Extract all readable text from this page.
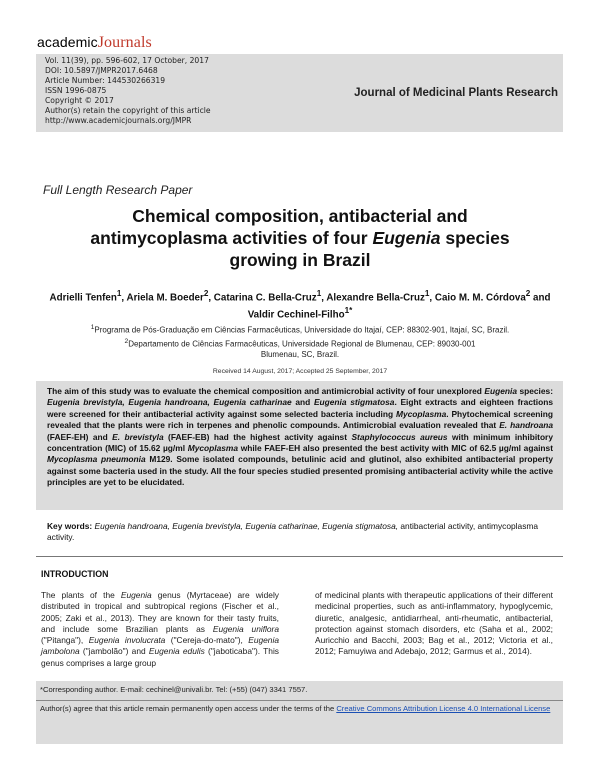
academicJournals
Vol. 11(39), pp. 596-602, 17 October, 2017
DOI: 10.5897/JMPR2017.6468
Article Number: 144530266319
ISSN 1996-0875
Copyright © 2017
Author(s) retain the copyright of this article
http://www.academicjournals.org/JMPR
Journal of Medicinal Plants Research
Full Length Research Paper
Chemical composition, antibacterial and
antimycoplasma activities of four Eugenia species
growing in Brazil
Adrielli Tenfen$^1$, Ariela M. Boeder$^2$, Catarina C. Bella-Cruz$^1$, Alexandre Bella-Cruz$^1$, Caio M. M. Córdova$^2$ and Valdir Cechinel-Filho$^{1*}$
$^1$Programa de Pós-Graduação em Ciências Farmacêuticas, Universidade do Itajaí, CEP: 88302-901, Itajaí, SC, Brazil.
$^2$Departamento de Ciências Farmacêuticas, Universidade Regional de Blumenau, CEP: 89030-001
Blumenau, SC, Brazil.
Received 14 August, 2017; Accepted 25 September, 2017
The aim of this study was to evaluate the chemical composition and antimicrobial activity of four unexplored Eugenia species: Eugenia brevistyla, Eugenia handroana, Eugenia catharinae and Eugenia stigmatosa. Eight extracts and eighteen fractions were screened for their antibacterial activity against some selected bacteria including Mycoplasma. Phytochemical screening revealed that the plants were rich in terpenes and phenolic compounds. Antimicrobial evaluation revealed that E. handroana (FAEF-EH) and E. brevistyla (FAEF-EB) had the highest activity against Staphylococcus aureus with minimum inhibitory concentration (MIC) of 15.62 µg/ml Mycoplasma while FAEF-EH also presented the best activity with MIC of 62.5 µg/ml against Mycoplasma pneumonia M129. Some isolated compounds, betulinic acid and glutinol, also exhibited antibacterial property against some bacteria used in the study. All the four species studied presented promising antibacterial activity while the active principles are yet to be elucidated.
Key words: Eugenia handroana, Eugenia brevistyla, Eugenia catharinae, Eugenia stigmatosa, antibacterial activity, antimycoplasma activity.
INTRODUCTION
The plants of the Eugenia genus (Myrtaceae) are widely distributed in tropical and subtropical regions (Fischer et al., 2005; Zaki et al., 2013). They are known for their tasty fruits, and include some Brazilian plants as Eugenia uniflora ("Pitanga"), Eugenia involucrata ("Cereja-do-mato"), Eugenia jambolona ("jambolão") and Eugenia edulis ("jaboticaba"). This genus comprises a large group
of medicinal plants with therapeutic applications of their different medicinal properties, such as anti-inflammatory, hypoglycemic, diuretic, analgesic, antidiarrheal, anti-rheumatic, antibacterial, protection against stomach disorders, etc (Saha et al., 2002; Auricchio and Bacchi, 2003; Bag et al., 2012; Victoria et al., 2012; Famuyiwa and Adebajo, 2012; Garmus et al., 2014).
*Corresponding author. E-mail: cechinel@univali.br. Tel: (+55) (047) 3341 7557.
Author(s) agree that this article remain permanently open access under the terms of the Creative Commons Attribution License 4.0 International License
